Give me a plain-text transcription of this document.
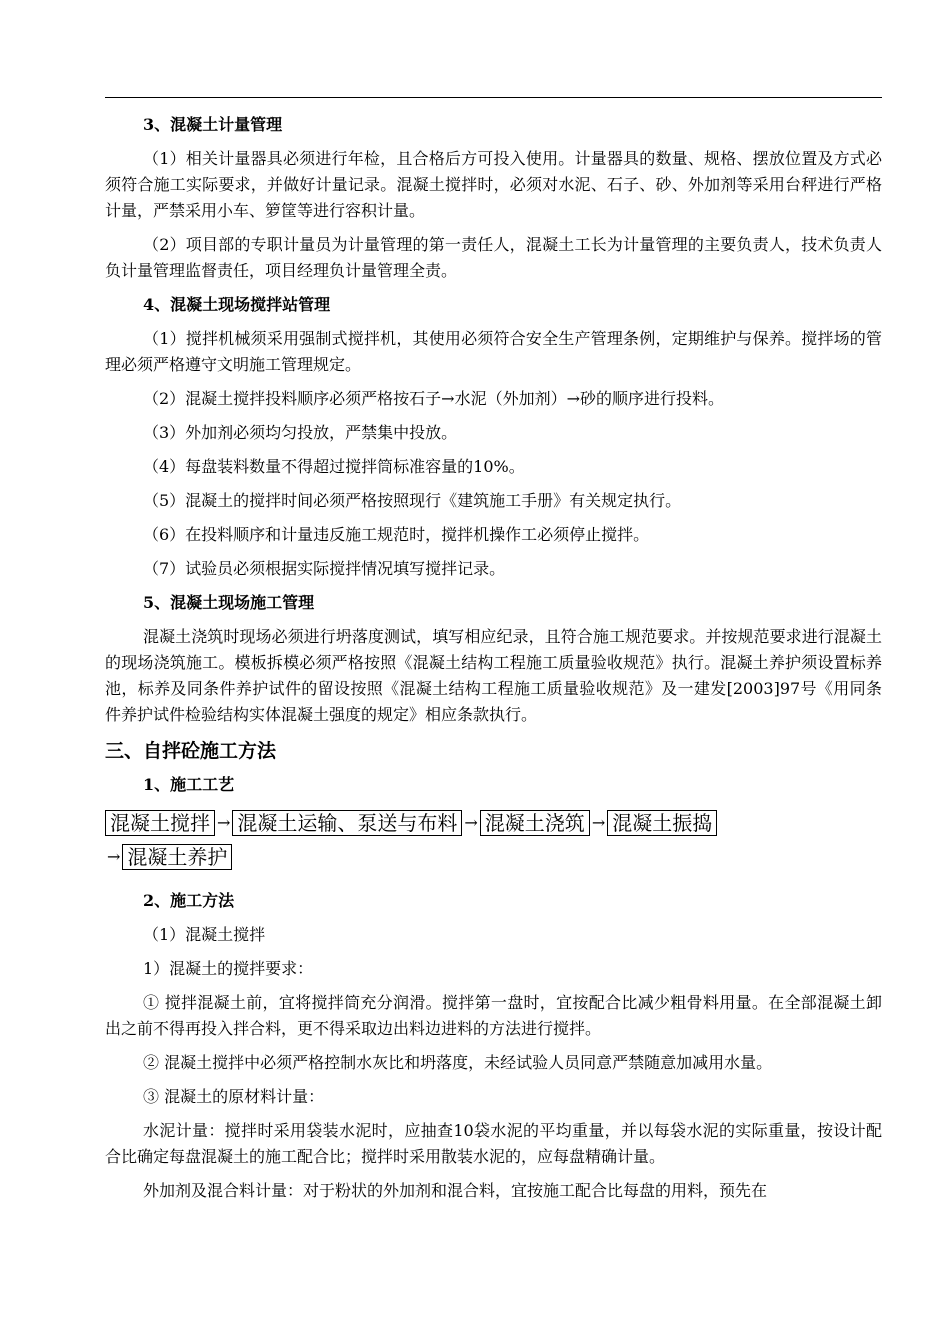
3、混凝土计量管理
（1）相关计量器具必须进行年检，且合格后方可投入使用。计量器具的数量、规格、摆放位置及方式必须符合施工实际要求，并做好计量记录。混凝土搅拌时，必须对水泥、石子、砂、外加剂等采用台秤进行严格计量，严禁采用小车、箩筐等进行容积计量。
（2）项目部的专职计量员为计量管理的第一责任人，混凝土工长为计量管理的主要负责人，技术负责人负计量管理监督责任，项目经理负计量管理全责。
4、混凝土现场搅拌站管理
（1）搅拌机械须采用强制式搅拌机，其使用必须符合安全生产管理条例，定期维护与保养。搅拌场的管理必须严格遵守文明施工管理规定。
（2）混凝土搅拌投料顺序必须严格按石子→水泥（外加剂）→砂的顺序进行投料。
（3）外加剂必须均匀投放，严禁集中投放。
（4）每盘装料数量不得超过搅拌筒标准容量的10%。
（5）混凝土的搅拌时间必须严格按照现行《建筑施工手册》有关规定执行。
（6）在投料顺序和计量违反施工规范时，搅拌机操作工必须停止搅拌。
（7）试验员必须根据实际搅拌情况填写搅拌记录。
5、混凝土现场施工管理
混凝土浇筑时现场必须进行坍落度测试，填写相应纪录，且符合施工规范要求。并按规范要求进行混凝土的现场浇筑施工。模板拆模必须严格按照《混凝土结构工程施工质量验收规范》执行。混凝土养护须设置标养池，标养及同条件养护试件的留设按照《混凝土结构工程施工质量验收规范》及一建发[2003]97号《用同条件养护试件检验结构实体混凝土强度的规定》相应条款执行。
三、自拌砼施工方法
1、施工工艺
混凝土搅拌 → 混凝土运输、泵送与布料 → 混凝土浇筑 → 混凝土振捣
→ 混凝土养护
2、施工方法
（1）混凝土搅拌
1）混凝土的搅拌要求：
① 搅拌混凝土前，宜将搅拌筒充分润滑。搅拌第一盘时，宜按配合比减少粗骨料用量。在全部混凝土卸出之前不得再投入拌合料，更不得采取边出料边进料的方法进行搅拌。
② 混凝土搅拌中必须严格控制水灰比和坍落度，未经试验人员同意严禁随意加减用水量。
③ 混凝土的原材料计量：
水泥计量：搅拌时采用袋装水泥时，应抽查10袋水泥的平均重量，并以每袋水泥的实际重量，按设计配合比确定每盘混凝土的施工配合比；搅拌时采用散装水泥的，应每盘精确计量。
外加剂及混合料计量：对于粉状的外加剂和混合料，宜按施工配合比每盘的用料，预先在
